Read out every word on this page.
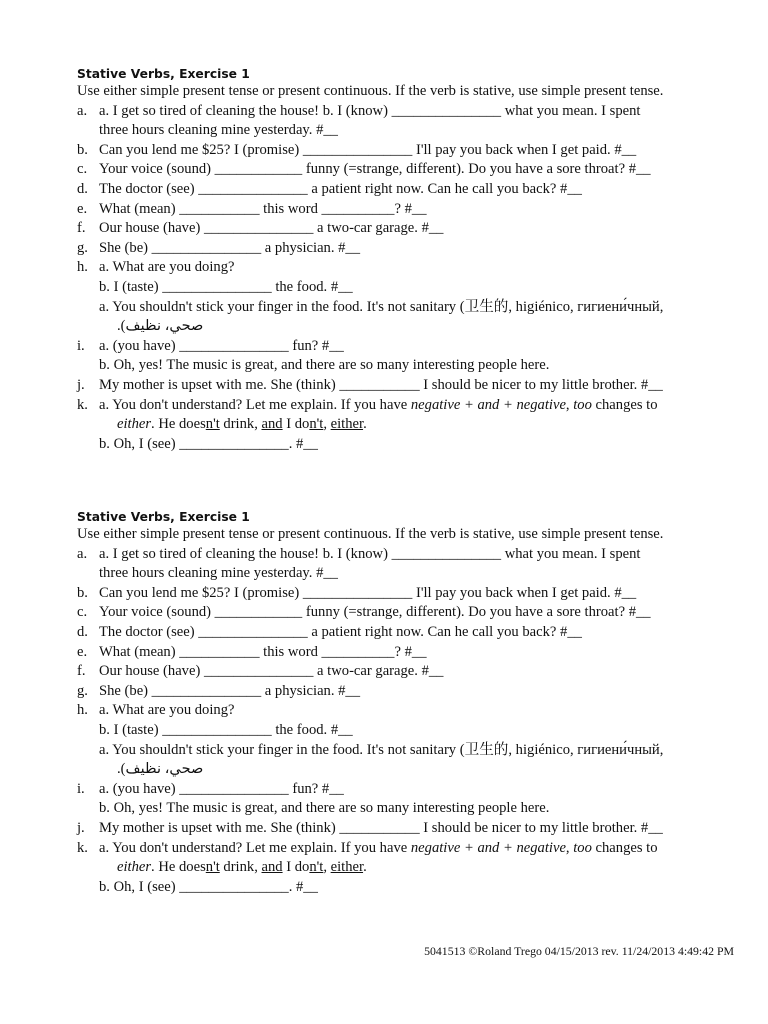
Stative Verbs, Exercise 1
Use either simple present tense or present continuous. If the verb is stative, use simple present tense.
a. a. I get so tired of cleaning the house! b. I (know) _______________ what you mean. I spent
three hours cleaning mine yesterday. #__
b. Can you lend me $25? I (promise) _______________ I'll pay you back when I get paid. #__
c. Your voice (sound) ____________ funny (=strange, different). Do you have a sore throat? #__
d. The doctor (see) _______________ a patient right now. Can he call you back? #__
e. What (mean) ___________ this word __________? #__
f. Our house (have) _______________ a two-car garage. #__
g. She (be) _______________ a physician. #__
h. a. What are you doing?
b. I (taste) _______________ the food. #__
a. You shouldn't stick your finger in the food. It's not sanitary (卫生的, higiénico, гигиени́чный,
صحي، نظيف).
i. a. (you have) _______________ fun? #__
b. Oh, yes! The music is great, and there are so many interesting people here.
j. My mother is upset with me. She (think) ___________ I should be nicer to my little brother. #__
k. a. You don't understand? Let me explain. If you have negative + and + negative, too changes to
either. He doesn't drink, and I don't, either.
b. Oh, I (see) _______________. #__
Stative Verbs, Exercise 1
Use either simple present tense or present continuous. If the verb is stative, use simple present tense.
a. a. I get so tired of cleaning the house! b. I (know) _______________ what you mean. I spent
three hours cleaning mine yesterday. #__
b. Can you lend me $25? I (promise) _______________ I'll pay you back when I get paid. #__
c. Your voice (sound) ____________ funny (=strange, different). Do you have a sore throat? #__
d. The doctor (see) _______________ a patient right now. Can he call you back? #__
e. What (mean) ___________ this word __________? #__
f. Our house (have) _______________ a two-car garage. #__
g. She (be) _______________ a physician. #__
h. a. What are you doing?
b. I (taste) _______________ the food. #__
a. You shouldn't stick your finger in the food. It's not sanitary (卫生的, higiénico, гигиени́чный,
صحي، نظيف).
i. a. (you have) _______________ fun? #__
b. Oh, yes! The music is great, and there are so many interesting people here.
j. My mother is upset with me. She (think) ___________ I should be nicer to my little brother. #__
k. a. You don't understand? Let me explain. If you have negative + and + negative, too changes to
either. He doesn't drink, and I don't, either.
b. Oh, I (see) _______________. #__
5041513 ©Roland Trego 04/15/2013 rev. 11/24/2013 4:49:42 PM
